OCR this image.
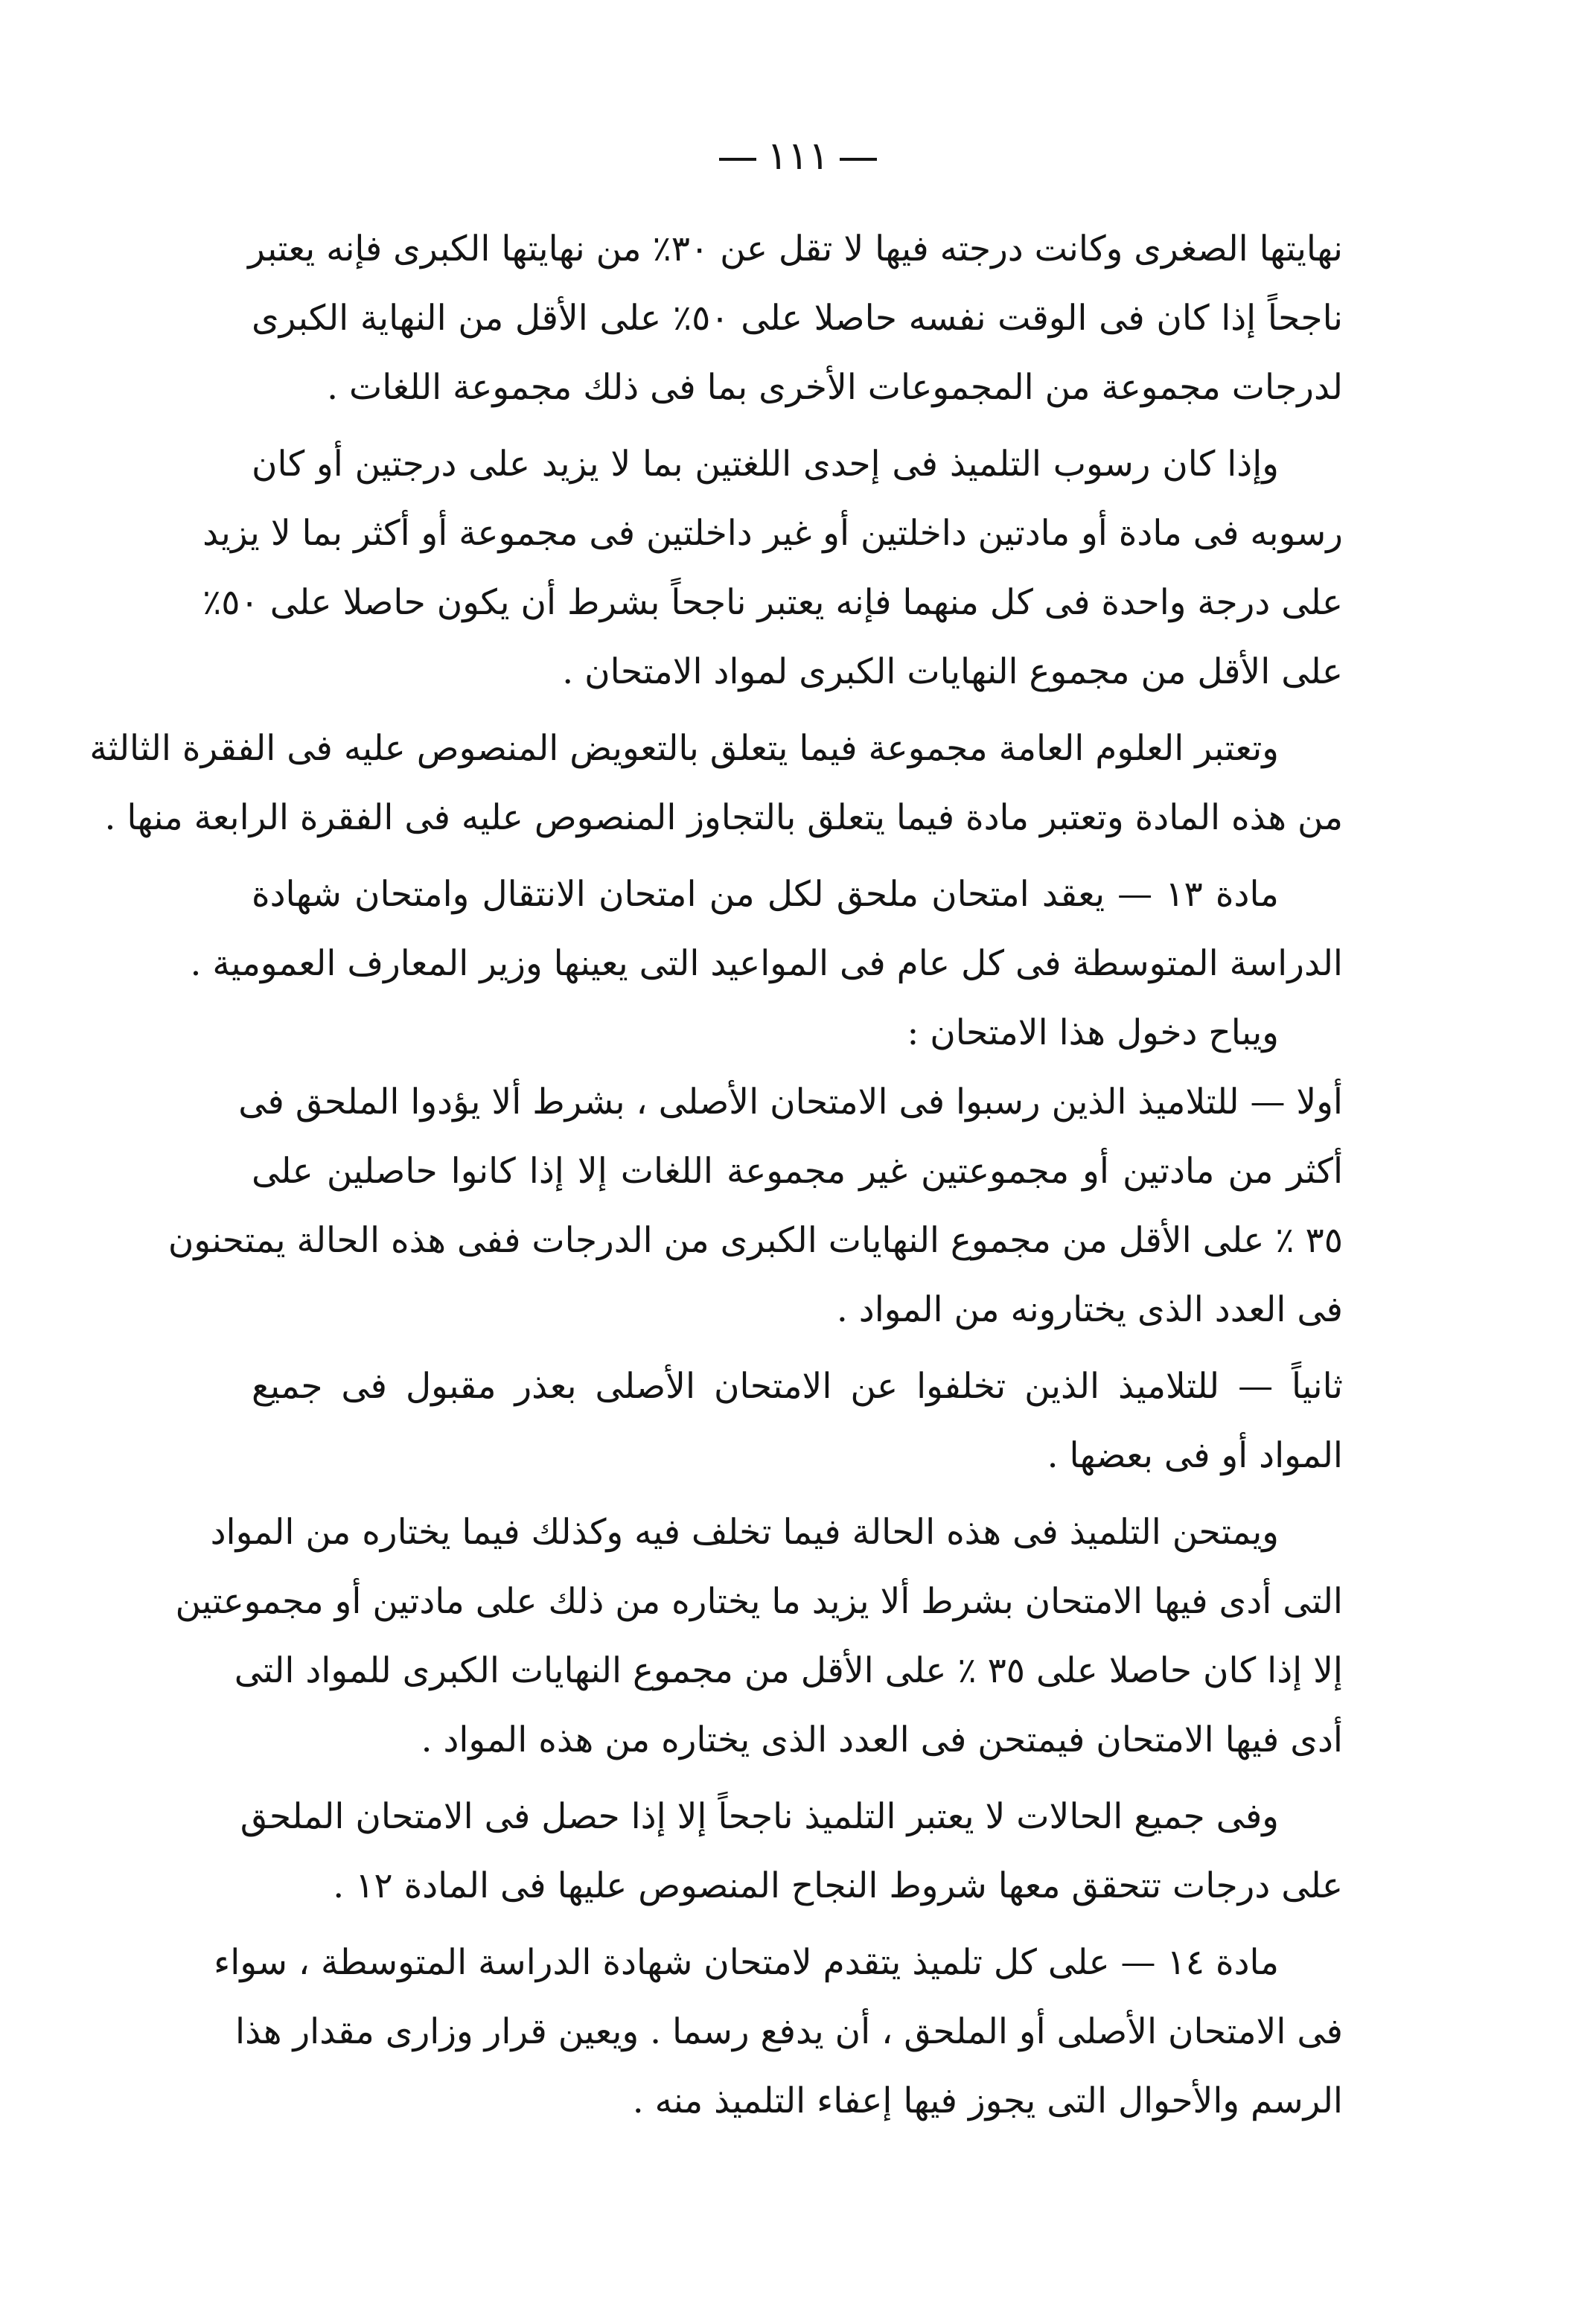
١١١
نهايتها الصغرى وكانت درجته فيها لا تقل عن ٣٠٪ من نهايتها الكبرى فإنه يعتبر
ناجحاً إذا كان فى الوقت نفسه حاصلا على ٥٠٪ على الأقل من النهاية الكبرى
لدرجات مجموعة من المجموعات الأخرى بما فى ذلك مجموعة اللغات .
وإذا كان رسوب التلميذ فى إحدى اللغتين بما لا يزيد على درجتين أو كان
رسوبه فى مادة أو مادتين داخلتين أو غير داخلتين فى مجموعة أو أكثر بما لا يزيد
على درجة واحدة فى كل منهما فإنه يعتبر ناجحاً بشرط أن يكون حاصلا على ٥٠٪
على الأقل من مجموع النهايات الكبرى لمواد الامتحان .
وتعتبر العلوم العامة مجموعة فيما يتعلق بالتعويض المنصوص عليه فى الفقرة الثالثة
من هذه المادة وتعتبر مادة فيما يتعلق بالتجاوز المنصوص عليه فى الفقرة الرابعة منها .
مادة ١٣ — يعقد امتحان ملحق لكل من امتحان الانتقال وامتحان شهادة
الدراسة المتوسطة فى كل عام فى المواعيد التى يعينها وزير المعارف العمومية .
ويباح دخول هذا الامتحان :
أولا — للتلاميذ الذين رسبوا فى الامتحان الأصلى ، بشرط ألا يؤدوا الملحق فى
أكثر من مادتين أو مجموعتين غير مجموعة اللغات إلا إذا كانوا حاصلين على
٣٥ ٪ على الأقل من مجموع النهايات الكبرى من الدرجات ففى هذه الحالة يمتحنون
فى العدد الذى يختارونه من المواد .
ثانياً — للتلاميذ الذين تخلفوا عن الامتحان الأصلى بعذر مقبول فى جميع
المواد أو فى بعضها .
ويمتحن التلميذ فى هذه الحالة فيما تخلف فيه وكذلك فيما يختاره من المواد
التى أدى فيها الامتحان بشرط ألا يزيد ما يختاره من ذلك على مادتين أو مجموعتين
إلا إذا كان حاصلا على ٣٥ ٪ على الأقل من مجموع النهايات الكبرى للمواد التى
أدى فيها الامتحان فيمتحن فى العدد الذى يختاره من هذه المواد .
وفى جميع الحالات لا يعتبر التلميذ ناجحاً إلا إذا حصل فى الامتحان الملحق
على درجات تتحقق معها شروط النجاح المنصوص عليها فى المادة ١٢ .
مادة ١٤ — على كل تلميذ يتقدم لامتحان شهادة الدراسة المتوسطة ، سواء
فى الامتحان الأصلى أو الملحق ، أن يدفع رسما . ويعين قرار وزارى مقدار هذا
الرسم والأحوال التى يجوز فيها إعفاء التلميذ منه .
